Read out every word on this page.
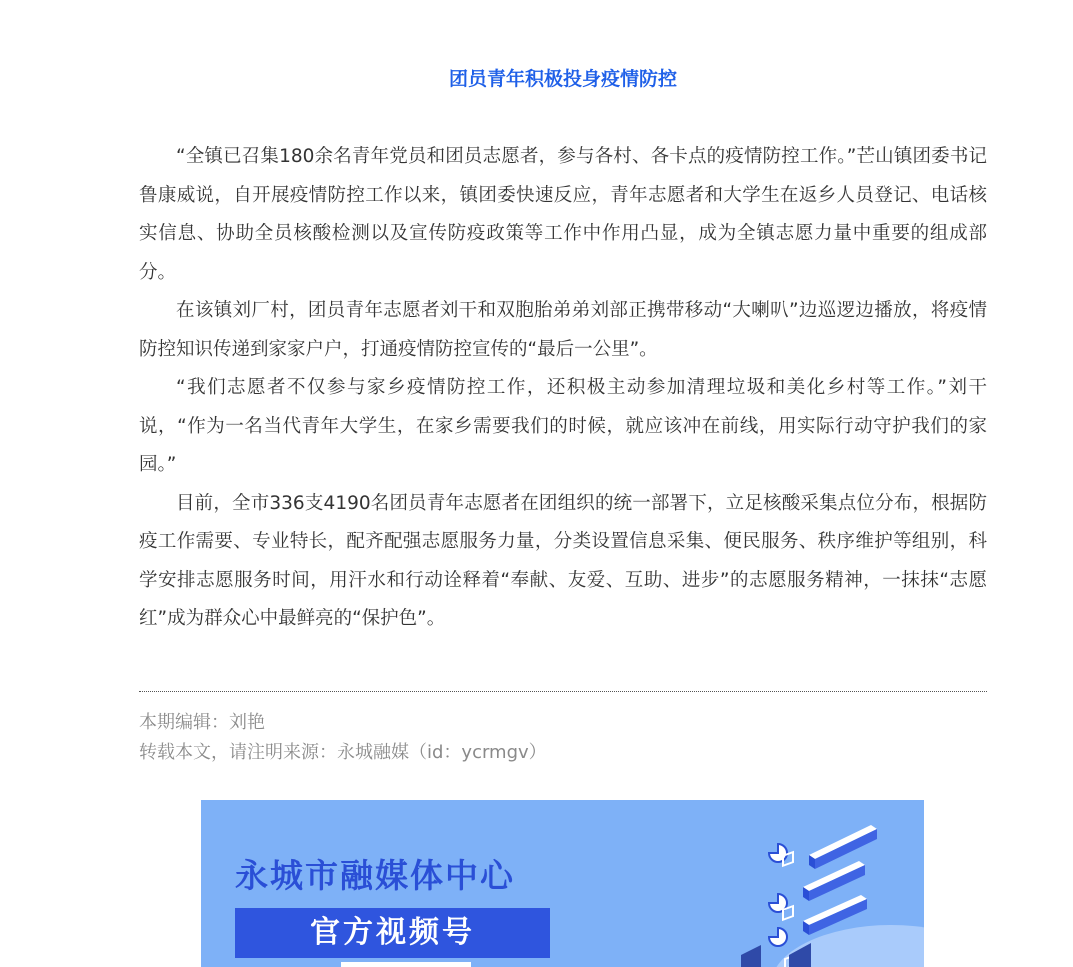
团员青年积极投身疫情防控

“全镇已召集180余名青年党员和团员志愿者，参与各村、各卡点的疫情防控工作。”芒山镇团委书记鲁康威说，自开展疫情防控工作以来，镇团委快速反应，青年志愿者和大学生在返乡人员登记、电话核实信息、协助全员核酸检测以及宣传防疫政策等工作中作用凸显，成为全镇志愿力量中重要的组成部分。

在该镇刘厂村，团员青年志愿者刘干和双胞胎弟弟刘部正携带移动“大喇叭”边巡逻边播放，将疫情防控知识传递到家家户户，打通疫情防控宣传的“最后一公里”。

“我们志愿者不仅参与家乡疫情防控工作，还积极主动参加清理垃圾和美化乡村等工作。”刘干说，“作为一名当代青年大学生，在家乡需要我们的时候，就应该冲在前线，用实际行动守护我们的家园。”

目前，全市336支4190名团员青年志愿者在团组织的统一部署下，立足核酸采集点位分布，根据防疫工作需要、专业特长，配齐配强志愿服务力量，分类设置信息采集、便民服务、秩序维护等组别，科学安排志愿服务时间，用汗水和行动诠释着“奉献、友爱、互助、进步”的志愿服务精神，一抹抹“志愿红”成为群众心中最鲜亮的“保护色”。

本期编辑：刘艳

转载本文，请注明来源：永城融媒（id：ycrmgv）

永城市融媒体中心

官方视频号
